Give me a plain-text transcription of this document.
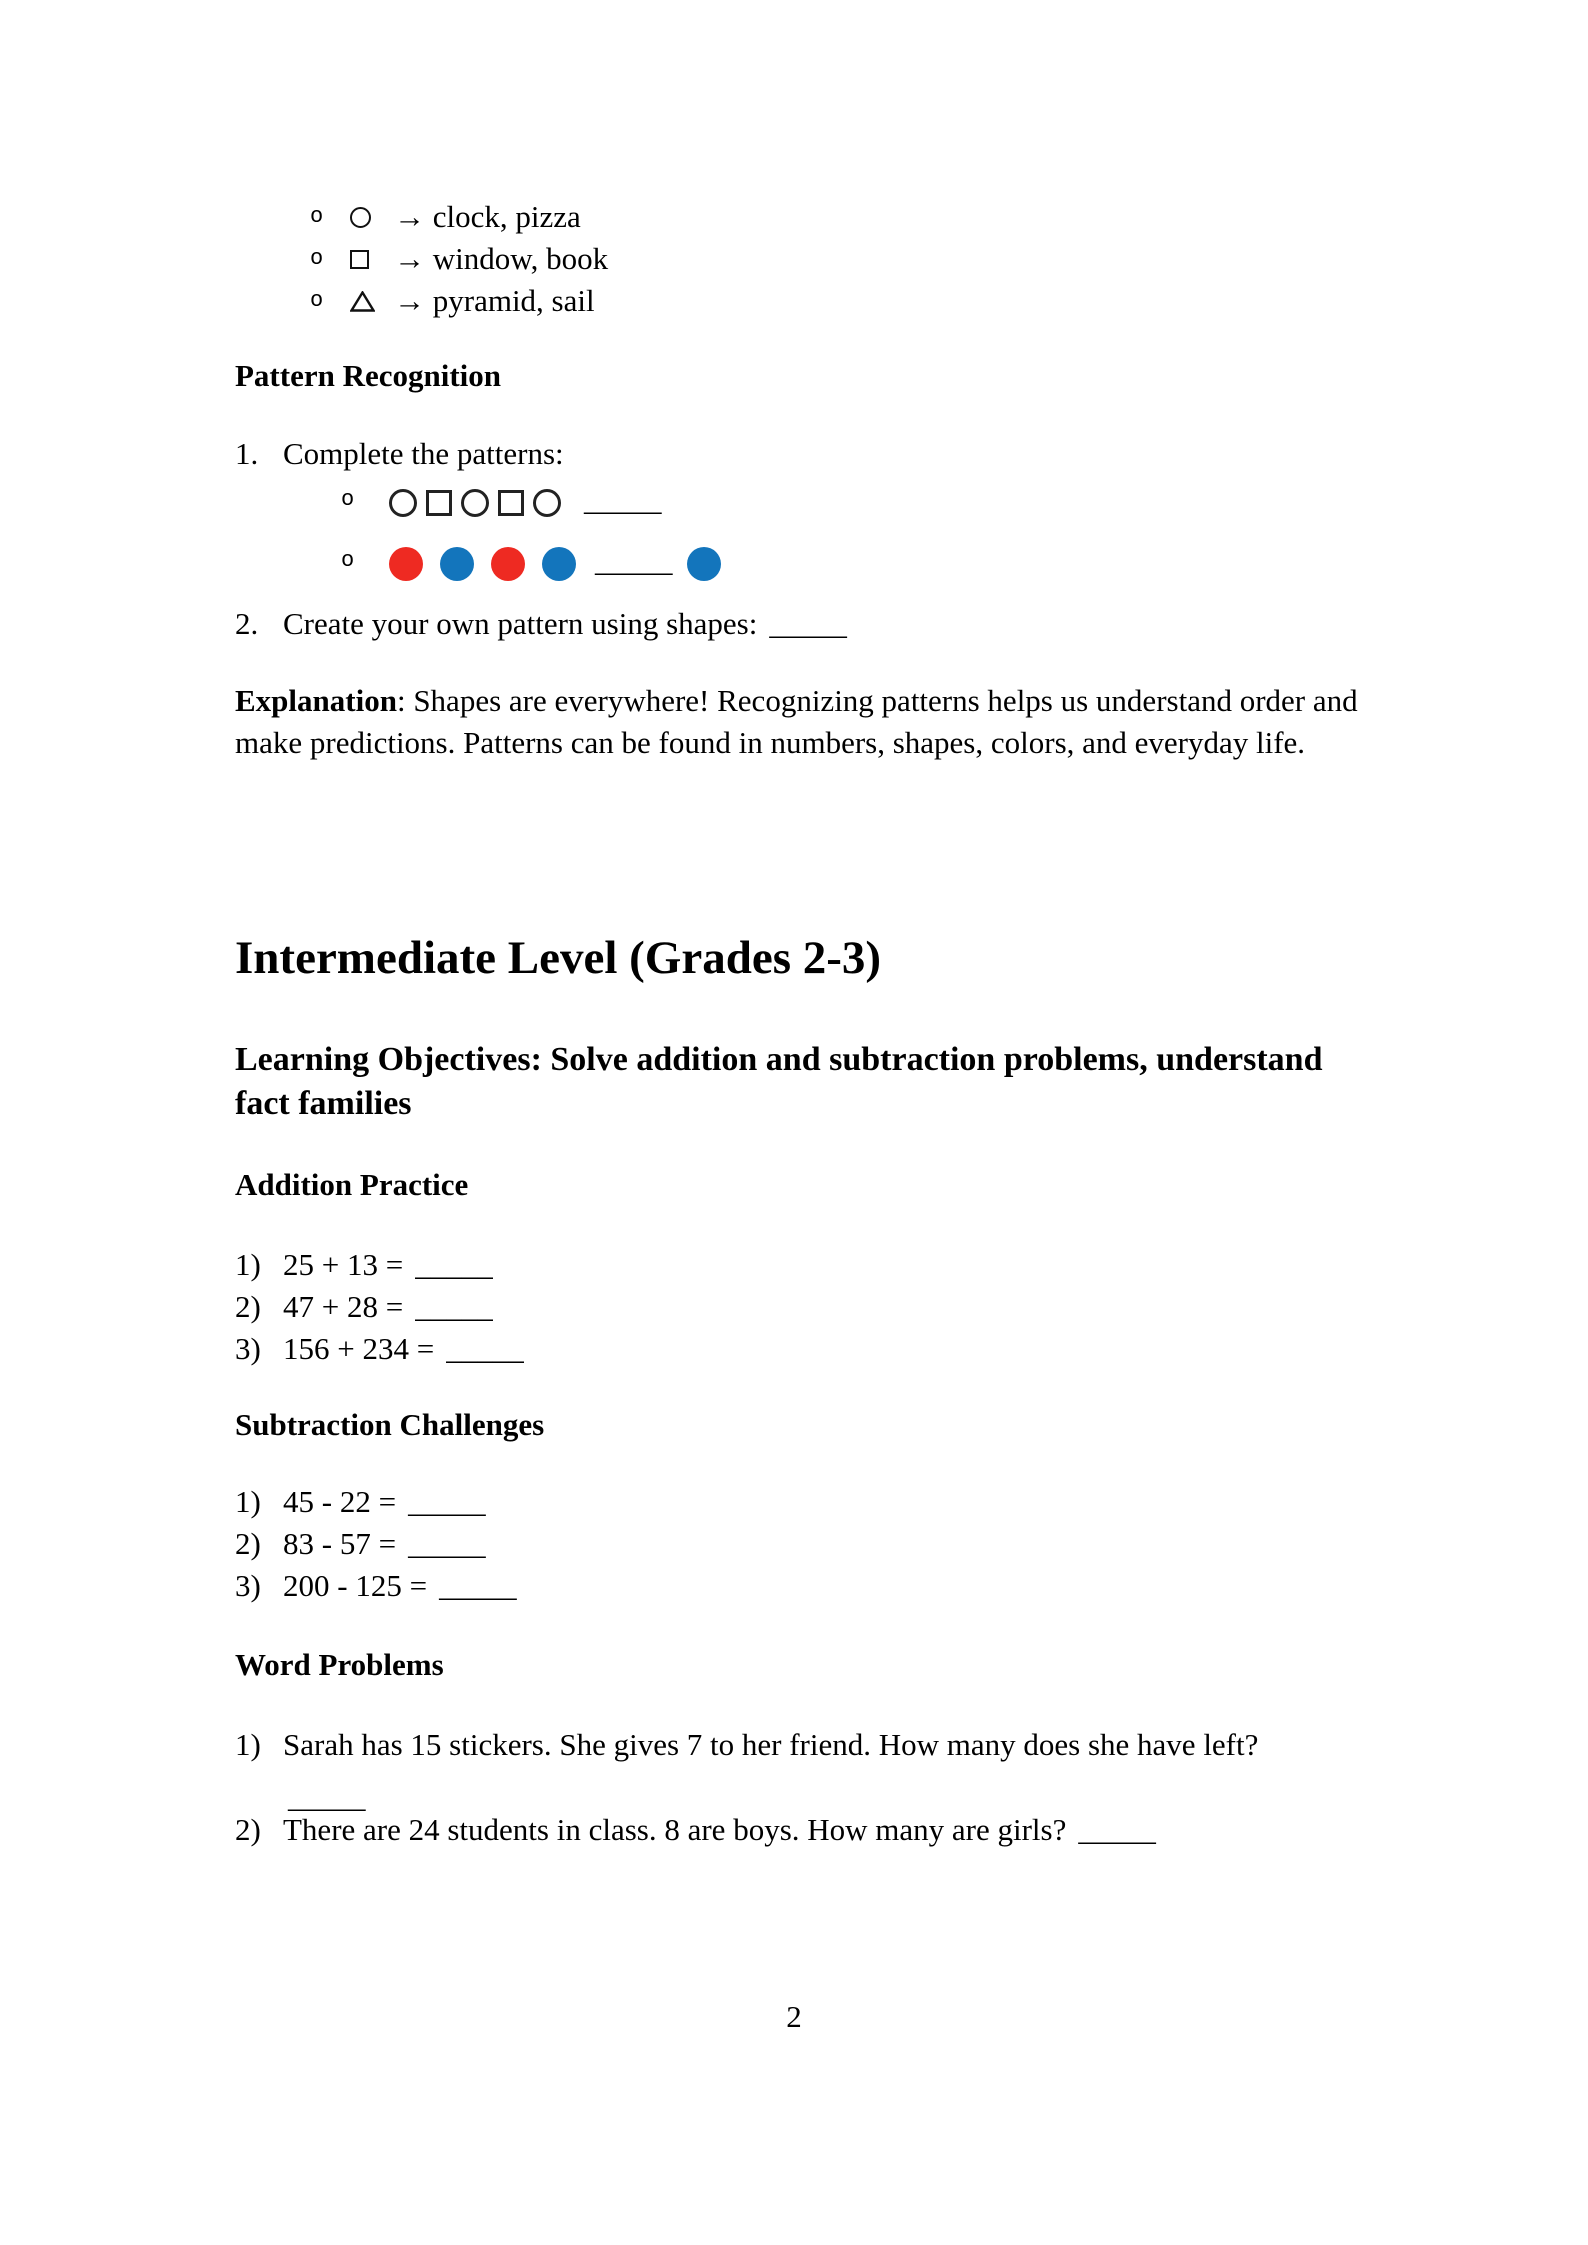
o	→ clock, pizza
o	→ window, book
o	→ pyramid, sail
Pattern Recognition
1. Complete the patterns:
o	_____
o	_____
2. Create your own pattern using shapes: _____

Explanation: Shapes are everywhere! Recognizing patterns helps us understand order and make predictions. Patterns can be found in numbers, shapes, colors, and everyday life.

Intermediate Level (Grades 2-3)
Learning Objectives: Solve addition and subtraction problems, understand fact families
Addition Practice
1) 25 + 13 = _____
2) 47 + 28 = _____
3) 156 + 234 = _____
Subtraction Challenges
1) 45 - 22 = _____
2) 83 - 57 = _____
3) 200 - 125 = _____
Word Problems
1) Sarah has 15 stickers. She gives 7 to her friend. How many does she have left?
_____
2) There are 24 students in class. 8 are boys. How many are girls? _____
2
